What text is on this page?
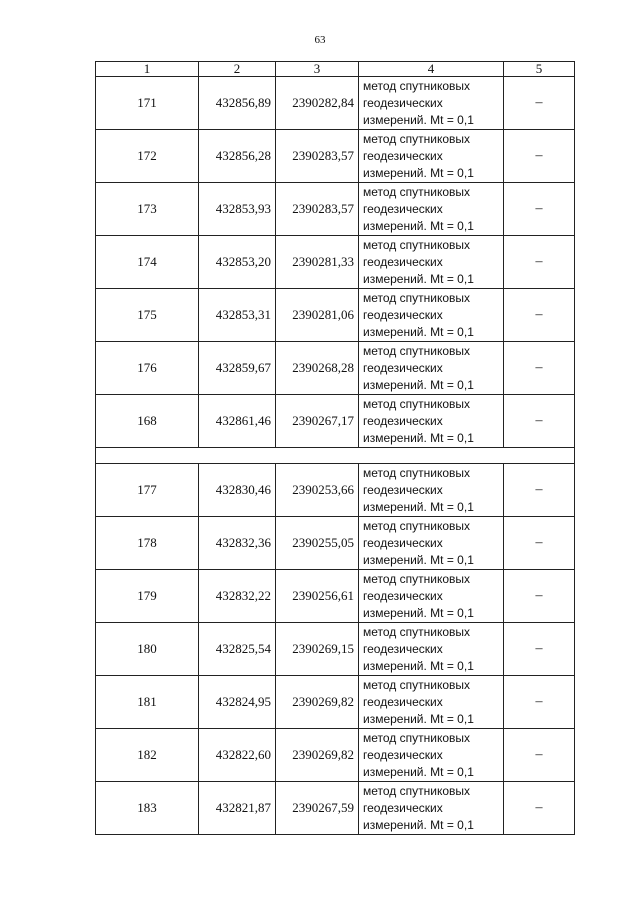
63
1	2	3	4	5
171	432856,89	2390282,84	метод спутниковых
геодезических
измерений. Mt = 0,1	–
172	432856,28	2390283,57	метод спутниковых
геодезических
измерений. Mt = 0,1	–
173	432853,93	2390283,57	метод спутниковых
геодезических
измерений. Mt = 0,1	–
174	432853,20	2390281,33	метод спутниковых
геодезических
измерений. Mt = 0,1	–
175	432853,31	2390281,06	метод спутниковых
геодезических
измерений. Mt = 0,1	–
176	432859,67	2390268,28	метод спутниковых
геодезических
измерений. Mt = 0,1	–
168	432861,46	2390267,17	метод спутниковых
геодезических
измерений. Mt = 0,1	–

177	432830,46	2390253,66	метод спутниковых
геодезических
измерений. Mt = 0,1	–
178	432832,36	2390255,05	метод спутниковых
геодезических
измерений. Mt = 0,1	–
179	432832,22	2390256,61	метод спутниковых
геодезических
измерений. Mt = 0,1	–
180	432825,54	2390269,15	метод спутниковых
геодезических
измерений. Mt = 0,1	–
181	432824,95	2390269,82	метод спутниковых
геодезических
измерений. Mt = 0,1	–
182	432822,60	2390269,82	метод спутниковых
геодезических
измерений. Mt = 0,1	–
183	432821,87	2390267,59	метод спутниковых
геодезических
измерений. Mt = 0,1	–
